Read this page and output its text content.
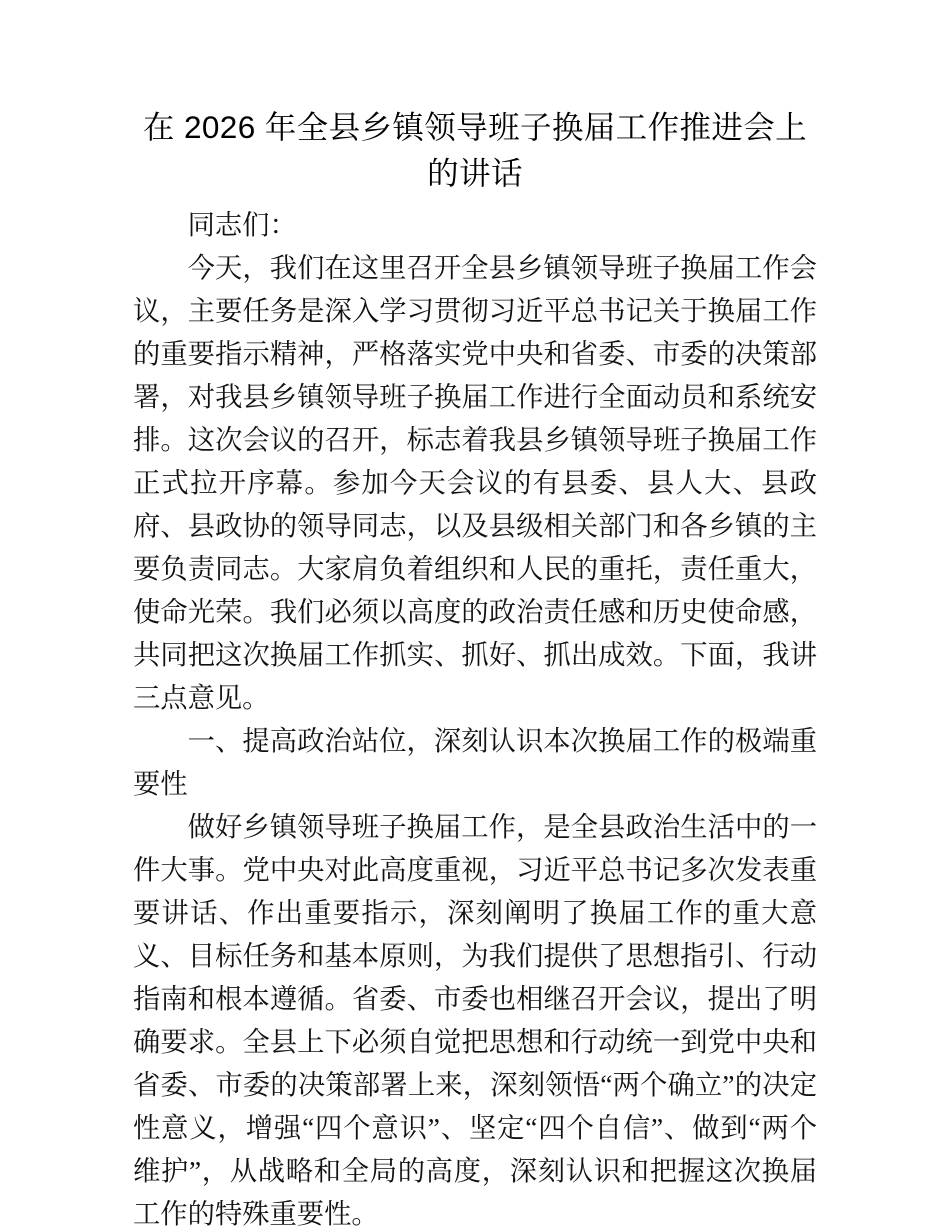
在 2026 年全县乡镇领导班子换届工作推进会上的讲话

同志们：

今天，我们在这里召开全县乡镇领导班子换届工作会议，主要任务是深入学习贯彻习近平总书记关于换届工作的重要指示精神，严格落实党中央和省委、市委的决策部署，对我县乡镇领导班子换届工作进行全面动员和系统安排。这次会议的召开，标志着我县乡镇领导班子换届工作正式拉开序幕。参加今天会议的有县委、县人大、县政府、县政协的领导同志，以及县级相关部门和各乡镇的主要负责同志。大家肩负着组织和人民的重托，责任重大，使命光荣。我们必须以高度的政治责任感和历史使命感，共同把这次换届工作抓实、抓好、抓出成效。下面，我讲三点意见。

一、提高政治站位，深刻认识本次换届工作的极端重要性

做好乡镇领导班子换届工作，是全县政治生活中的一件大事。党中央对此高度重视，习近平总书记多次发表重要讲话、作出重要指示，深刻阐明了换届工作的重大意义、目标任务和基本原则，为我们提供了思想指引、行动指南和根本遵循。省委、市委也相继召开会议，提出了明确要求。全县上下必须自觉把思想和行动统一到党中央和省委、市委的决策部署上来，深刻领悟“两个确立”的决定性意义，增强“四个意识”、坚定“四个自信”、做到“两个维护”，从战略和全局的高度，深刻认识和把握这次换届工作的特殊重要性。
